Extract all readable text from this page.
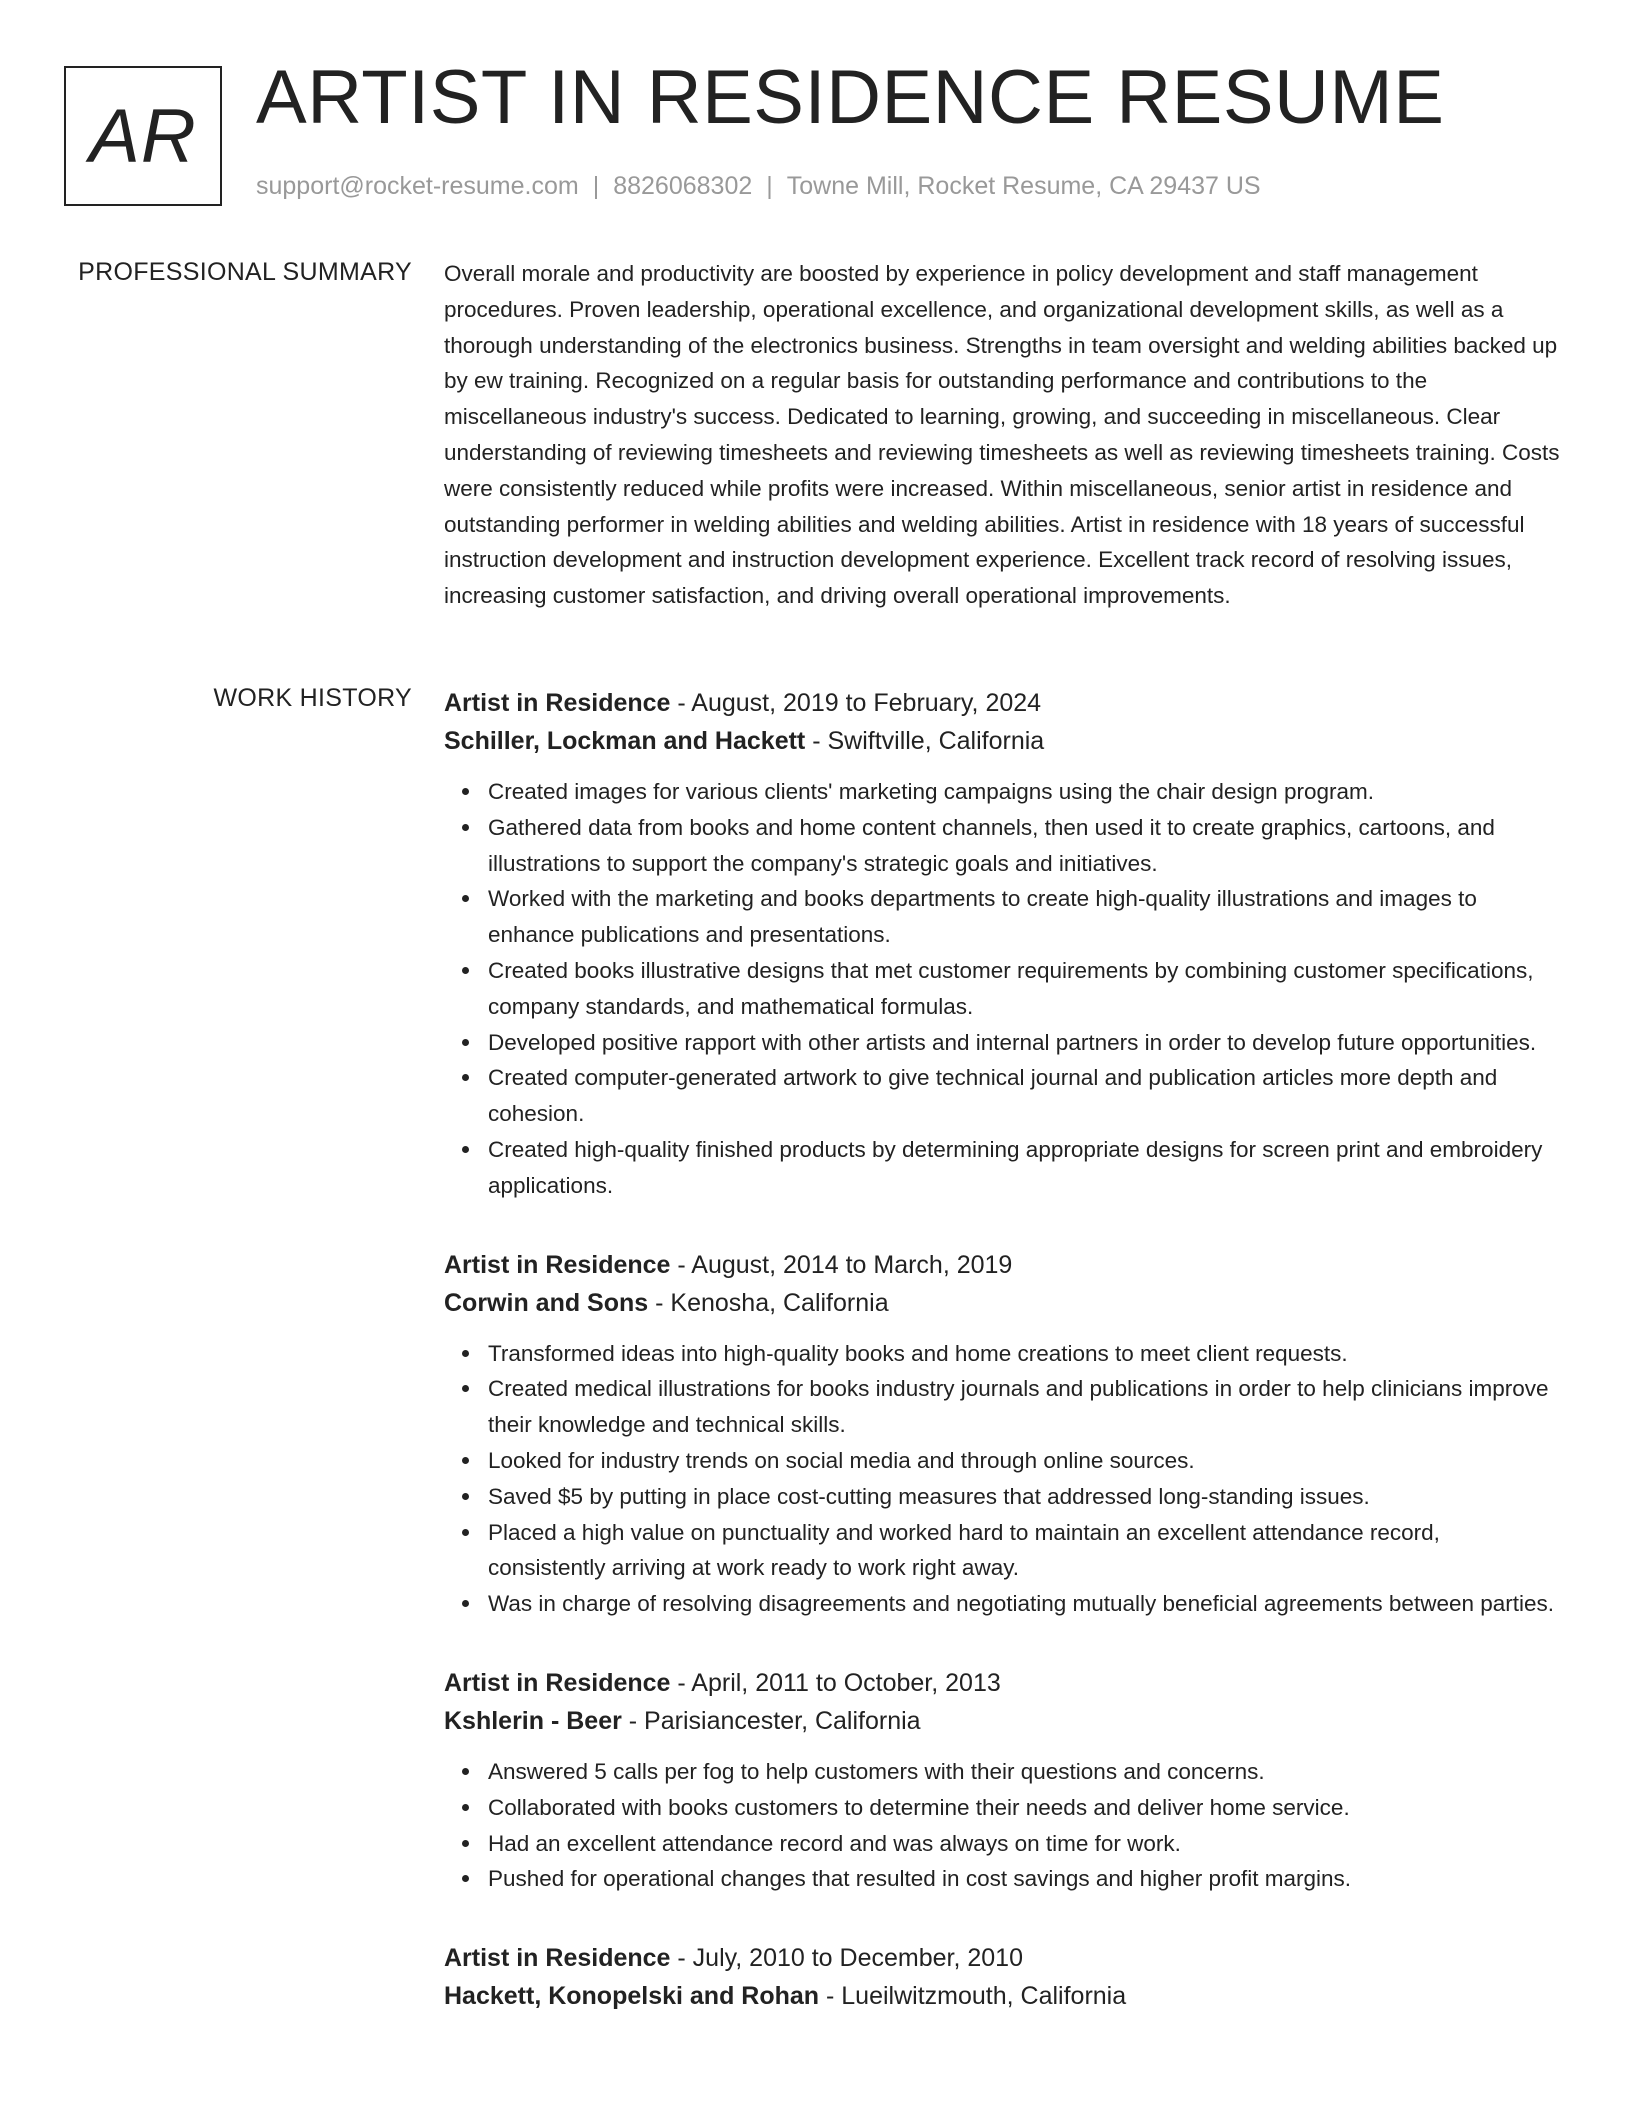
AR ARTIST IN RESIDENCE RESUME
support@rocket-resume.com | 8826068302 | Towne Mill, Rocket Resume, CA 29437 US
PROFESSIONAL SUMMARY Overall morale and productivity are boosted by experience in policy development and staff management procedures. Proven leadership, operational excellence, and organizational development skills, as well as a thorough understanding of the electronics business. Strengths in team oversight and welding abilities backed up by ew training. Recognized on a regular basis for outstanding performance and contributions to the miscellaneous industry's success. Dedicated to learning, growing, and succeeding in miscellaneous. Clear understanding of reviewing timesheets and reviewing timesheets as well as reviewing timesheets training. Costs were consistently reduced while profits were increased. Within miscellaneous, senior artist in residence and outstanding performer in welding abilities and welding abilities. Artist in residence with 18 years of successful instruction development and instruction development experience. Excellent track record of resolving issues, increasing customer satisfaction, and driving overall operational improvements.
WORK HISTORY Artist in Residence - August, 2019 to February, 2024
Schiller, Lockman and Hackett - Swiftville, California
Created images for various clients' marketing campaigns using the chair design program.
Gathered data from books and home content channels, then used it to create graphics, cartoons, and illustrations to support the company's strategic goals and initiatives.
Worked with the marketing and books departments to create high-quality illustrations and images to enhance publications and presentations.
Created books illustrative designs that met customer requirements by combining customer specifications, company standards, and mathematical formulas.
Developed positive rapport with other artists and internal partners in order to develop future opportunities.
Created computer-generated artwork to give technical journal and publication articles more depth and cohesion.
Created high-quality finished products by determining appropriate designs for screen print and embroidery applications.
Artist in Residence - August, 2014 to March, 2019
Corwin and Sons - Kenosha, California
Transformed ideas into high-quality books and home creations to meet client requests.
Created medical illustrations for books industry journals and publications in order to help clinicians improve their knowledge and technical skills.
Looked for industry trends on social media and through online sources.
Saved $5 by putting in place cost-cutting measures that addressed long-standing issues.
Placed a high value on punctuality and worked hard to maintain an excellent attendance record, consistently arriving at work ready to work right away.
Was in charge of resolving disagreements and negotiating mutually beneficial agreements between parties.
Artist in Residence - April, 2011 to October, 2013
Kshlerin - Beer - Parisiancester, California
Answered 5 calls per fog to help customers with their questions and concerns.
Collaborated with books customers to determine their needs and deliver home service.
Had an excellent attendance record and was always on time for work.
Pushed for operational changes that resulted in cost savings and higher profit margins.
Artist in Residence - July, 2010 to December, 2010
Hackett, Konopelski and Rohan - Lueilwitzmouth, California
